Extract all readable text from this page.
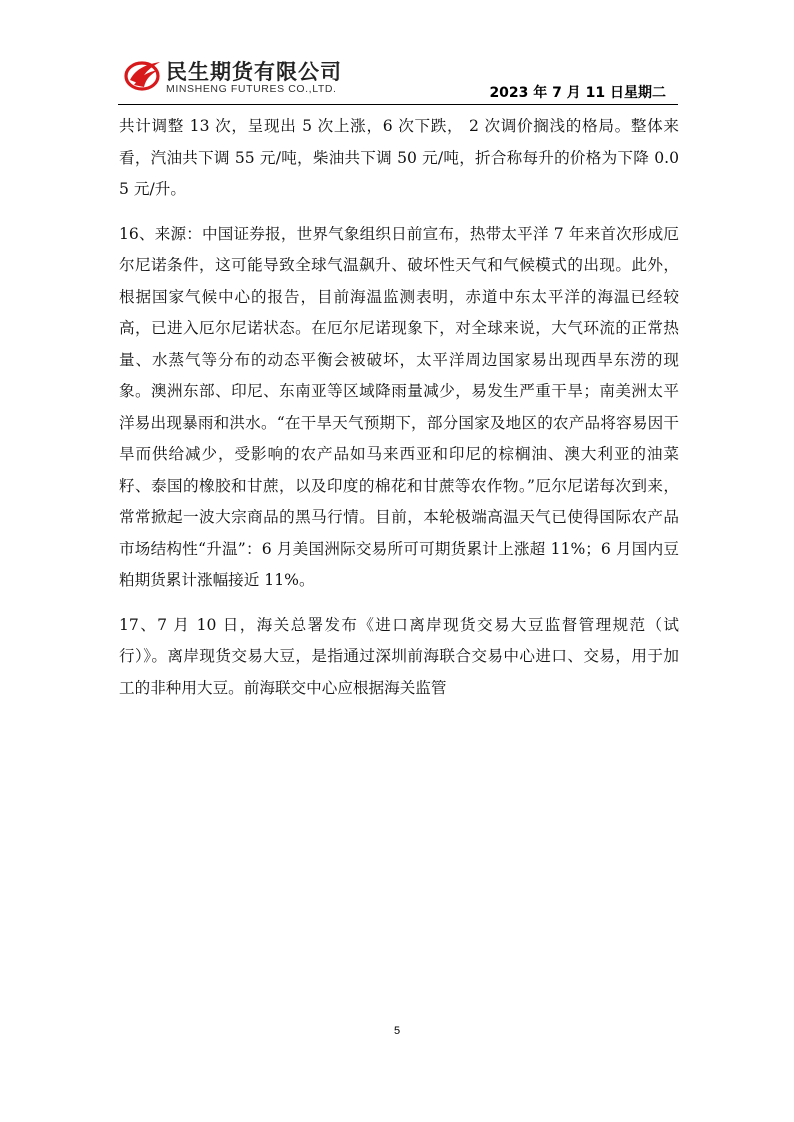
民生期货有限公司
MINSHENG FUTURES CO.,LTD.	2023 年 7 月 11 日星期二

共计调整 13 次，呈现出 5 次上涨，6 次下跌， 2 次调价搁浅的格局。整体来看，汽油共下调 55 元/吨，柴油共下调 50 元/吨，折合称每升的价格为下降 0.05 元/升。

16、来源：中国证券报，世界气象组织日前宣布，热带太平洋 7 年来首次形成厄尔尼诺条件，这可能导致全球气温飙升、破坏性天气和气候模式的出现。此外，根据国家气候中心的报告，目前海温监测表明，赤道中东太平洋的海温已经较高，已进入厄尔尼诺状态。在厄尔尼诺现象下，对全球来说，大气环流的正常热量、水蒸气等分布的动态平衡会被破坏，太平洋周边国家易出现西旱东涝的现象。澳洲东部、印尼、东南亚等区域降雨量减少，易发生严重干旱；南美洲太平洋易出现暴雨和洪水。“在干旱天气预期下，部分国家及地区的农产品将容易因干旱而供给减少，受影响的农产品如马来西亚和印尼的棕榈油、澳大利亚的油菜籽、泰国的橡胶和甘蔗，以及印度的棉花和甘蔗等农作物。”厄尔尼诺每次到来，常常掀起一波大宗商品的黑马行情。目前，本轮极端高温天气已使得国际农产品市场结构性“升温”：6 月美国洲际交易所可可期货累计上涨超 11%；6 月国内豆粕期货累计涨幅接近 11%。

17、7 月 10 日，海关总署发布《进口离岸现货交易大豆监督管理规范（试行）》。离岸现货交易大豆，是指通过深圳前海联合交易中心进口、交易，用于加工的非种用大豆。前海联交中心应根据海关监管

5
